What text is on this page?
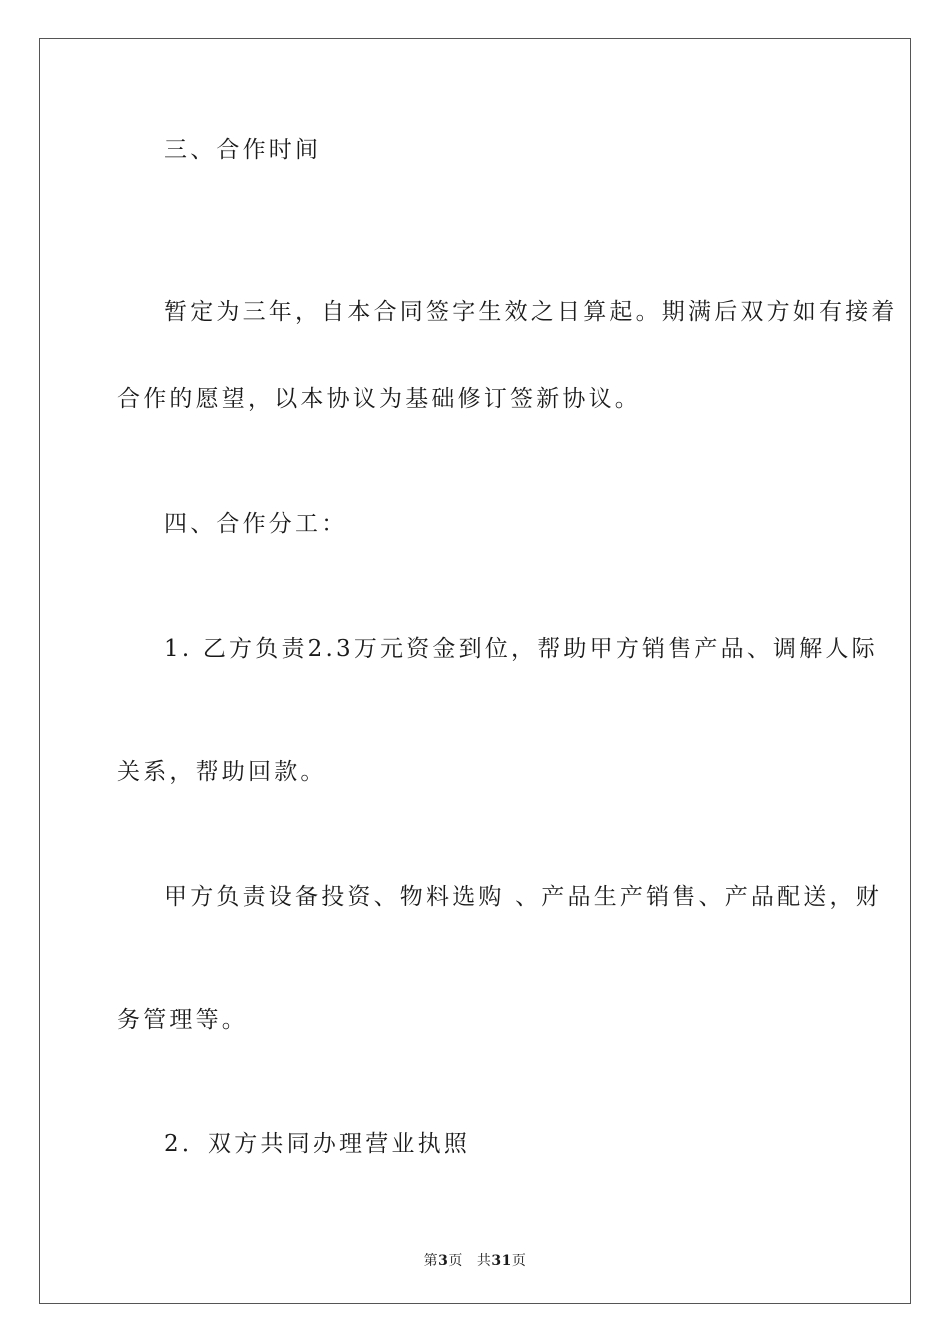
三、合作时间
暂定为三年，自本合同签字生效之日算起。期满后双方如有接着
合作的愿望，以本协议为基础修订签新协议。
四、合作分工：
1. 乙方负责2.3万元资金到位，帮助甲方销售产品、调解人际
关系，帮助回款。
甲方负责设备投资、物料选购 、产品生产销售、产品配送，财
务管理等。
2．双方共同办理营业执照
第3页 共31页
